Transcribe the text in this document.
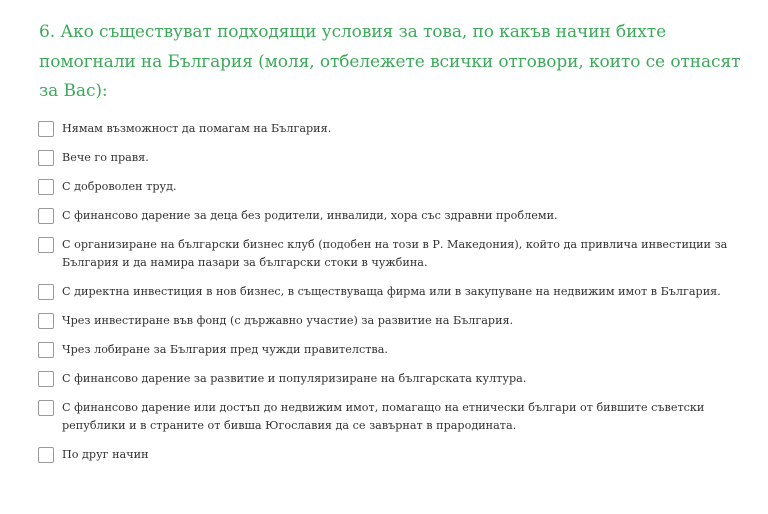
6. Ако съществуват подходящи условия за това, по какъв начин бихте помогнали на България (моля, отбележете всички отговори, които се отнасят за Вас):
Нямам възможност да помагам на България.
Вече го правя.
С доброволен труд.
С финансово дарение за деца без родители, инвалиди, хора със здравни проблеми.
С организиране на български бизнес клуб (подобен на този в Р. Македония), който да привлича инвестиции за България и да намира пазари за български стоки в чужбина.
С директна инвестиция в нов бизнес, в съществуваща фирма или в закупуване на недвижим имот в България.
Чрез инвестиране във фонд (с държавно участие) за развитие на България.
Чрез лобиране за България пред чужди правителства.
С финансово дарение за развитие и популяризиране на българската култура.
С финансово дарение или достъп до недвижим имот, помагащо на етнически българи от бившите съветски републики и в страните от бивша Югославия да се завърнат в прародината.
По друг начин
